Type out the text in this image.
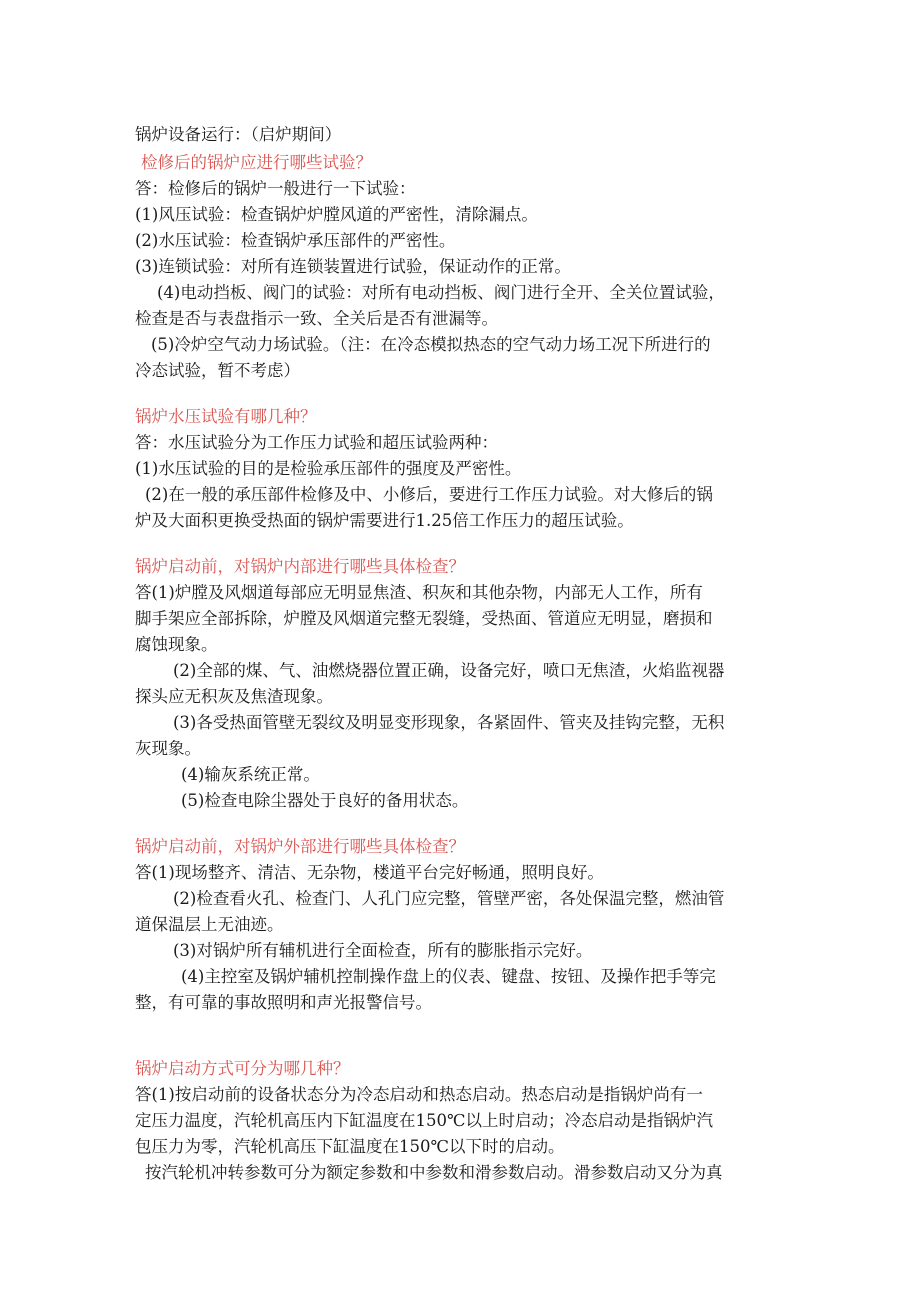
锅炉设备运行：（启炉期间）
检修后的锅炉应进行哪些试验？
答：检修后的锅炉一般进行一下试验：
(1)风压试验：检查锅炉炉膛风道的严密性，清除漏点。
(2)水压试验：检查锅炉承压部件的严密性。
(3)连锁试验：对所有连锁装置进行试验，保证动作的正常。
(4)电动挡板、阀门的试验：对所有电动挡板、阀门进行全开、全关位置试验，
检查是否与表盘指示一致、全关后是否有泄漏等。
(5)冷炉空气动力场试验。（注：在冷态模拟热态的空气动力场工况下所进行的
冷态试验，暂不考虑）
锅炉水压试验有哪几种？
答：水压试验分为工作压力试验和超压试验两种：
(1)水压试验的目的是检验承压部件的强度及严密性。
(2)在一般的承压部件检修及中、小修后，要进行工作压力试验。对大修后的锅
炉及大面积更换受热面的锅炉需要进行1.25倍工作压力的超压试验。
锅炉启动前，对锅炉内部进行哪些具体检查？
答(1)炉膛及风烟道每部应无明显焦渣、积灰和其他杂物，内部无人工作，所有
脚手架应全部拆除，炉膛及风烟道完整无裂缝，受热面、管道应无明显，磨损和
腐蚀现象。
(2)全部的煤、气、油燃烧器位置正确，设备完好，喷口无焦渣，火焰监视器
探头应无积灰及焦渣现象。
(3)各受热面管壁无裂纹及明显变形现象，各紧固件、管夹及挂钩完整，无积
灰现象。
(4)输灰系统正常。
(5)检查电除尘器处于良好的备用状态。
锅炉启动前，对锅炉外部进行哪些具体检查？
答(1)现场整齐、清洁、无杂物，楼道平台完好畅通，照明良好。
(2)检查看火孔、检查门、人孔门应完整，管壁严密，各处保温完整，燃油管
道保温层上无油迹。
(3)对锅炉所有辅机进行全面检查，所有的膨胀指示完好。
(4)主控室及锅炉辅机控制操作盘上的仪表、键盘、按钮、及操作把手等完
整，有可靠的事故照明和声光报警信号。
锅炉启动方式可分为哪几种？
答(1)按启动前的设备状态分为冷态启动和热态启动。热态启动是指锅炉尚有一
定压力温度，汽轮机高压内下缸温度在150℃以上时启动；冷态启动是指锅炉汽
包压力为零，汽轮机高压下缸温度在150℃以下时的启动。
按汽轮机冲转参数可分为额定参数和中参数和滑参数启动。滑参数启动又分为真
